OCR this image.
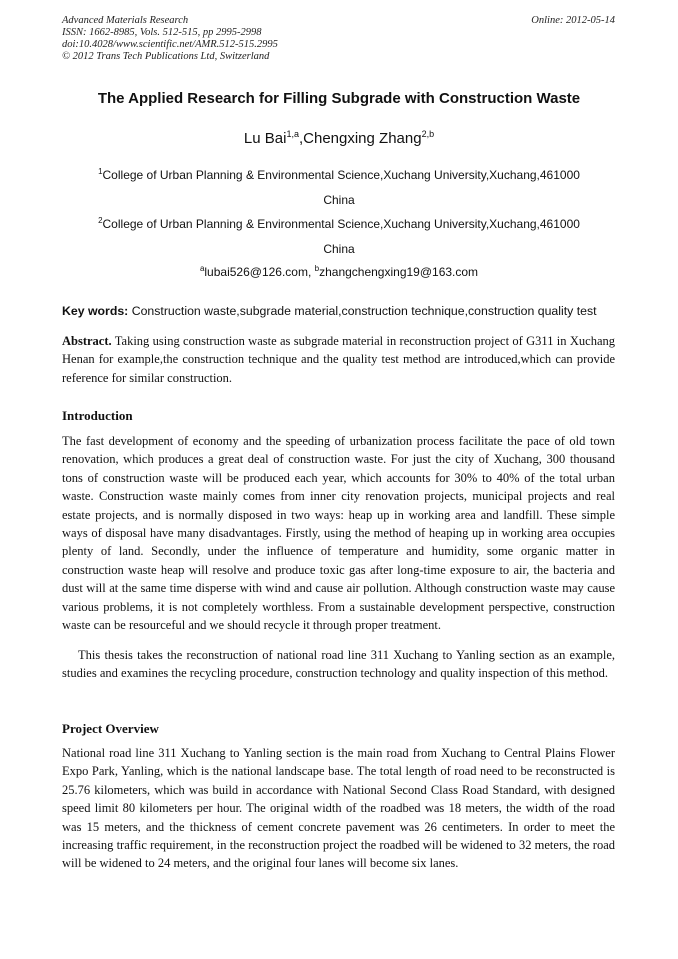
Advanced Materials Research
ISSN: 1662-8985, Vols. 512-515, pp 2995-2998
doi:10.4028/www.scientific.net/AMR.512-515.2995
© 2012 Trans Tech Publications Ltd, Switzerland
Online: 2012-05-14
The Applied Research for Filling Subgrade with Construction Waste
Lu Bai$^{1,a}$,Chengxing Zhang$^{2,b}$
$^1$College of Urban Planning & Environmental Science,Xuchang University,Xuchang,461000
China
$^2$College of Urban Planning & Environmental Science,Xuchang University,Xuchang,461000
China
$^a$lubai526@126.com, $^b$zhangchengxing19@163.com
Key words: Construction waste,subgrade material,construction technique,construction quality test
Abstract. Taking using construction waste as subgrade material in reconstruction project of G311 in Xuchang Henan for example,the construction technique and the quality test method are introduced,which can provide reference for similar construction.
Introduction
The fast development of economy and the speeding of urbanization process facilitate the pace of old town renovation, which produces a great deal of construction waste. For just the city of Xuchang, 300 thousand tons of construction waste will be produced each year, which accounts for 30% to 40% of the total urban waste. Construction waste mainly comes from inner city renovation projects, municipal projects and real estate projects, and is normally disposed in two ways: heap up in working area and landfill. These simple ways of disposal have many disadvantages. Firstly, using the method of heaping up in working area occupies plenty of land. Secondly, under the influence of temperature and humidity, some organic matter in construction waste heap will resolve and produce toxic gas after long-time exposure to air, the bacteria and dust will at the same time disperse with wind and cause air pollution. Although construction waste may cause various problems, it is not completely worthless. From a sustainable development perspective, construction waste can be resourceful and we should recycle it through proper treatment.
This thesis takes the reconstruction of national road line 311 Xuchang to Yanling section as an example, studies and examines the recycling procedure, construction technology and quality inspection of this method.
Project Overview
National road line 311 Xuchang to Yanling section is the main road from Xuchang to Central Plains Flower Expo Park, Yanling, which is the national landscape base. The total length of road need to be reconstructed is 25.76 kilometers, which was build in accordance with National Second Class Road Standard, with designed speed limit 80 kilometers per hour. The original width of the roadbed was 18 meters, the width of the road was 15 meters, and the thickness of cement concrete pavement was 26 centimeters. In order to meet the increasing traffic requirement, in the reconstruction project the roadbed will be widened to 32 meters, the road will be widened to 24 meters, and the original four lanes will become six lanes.
